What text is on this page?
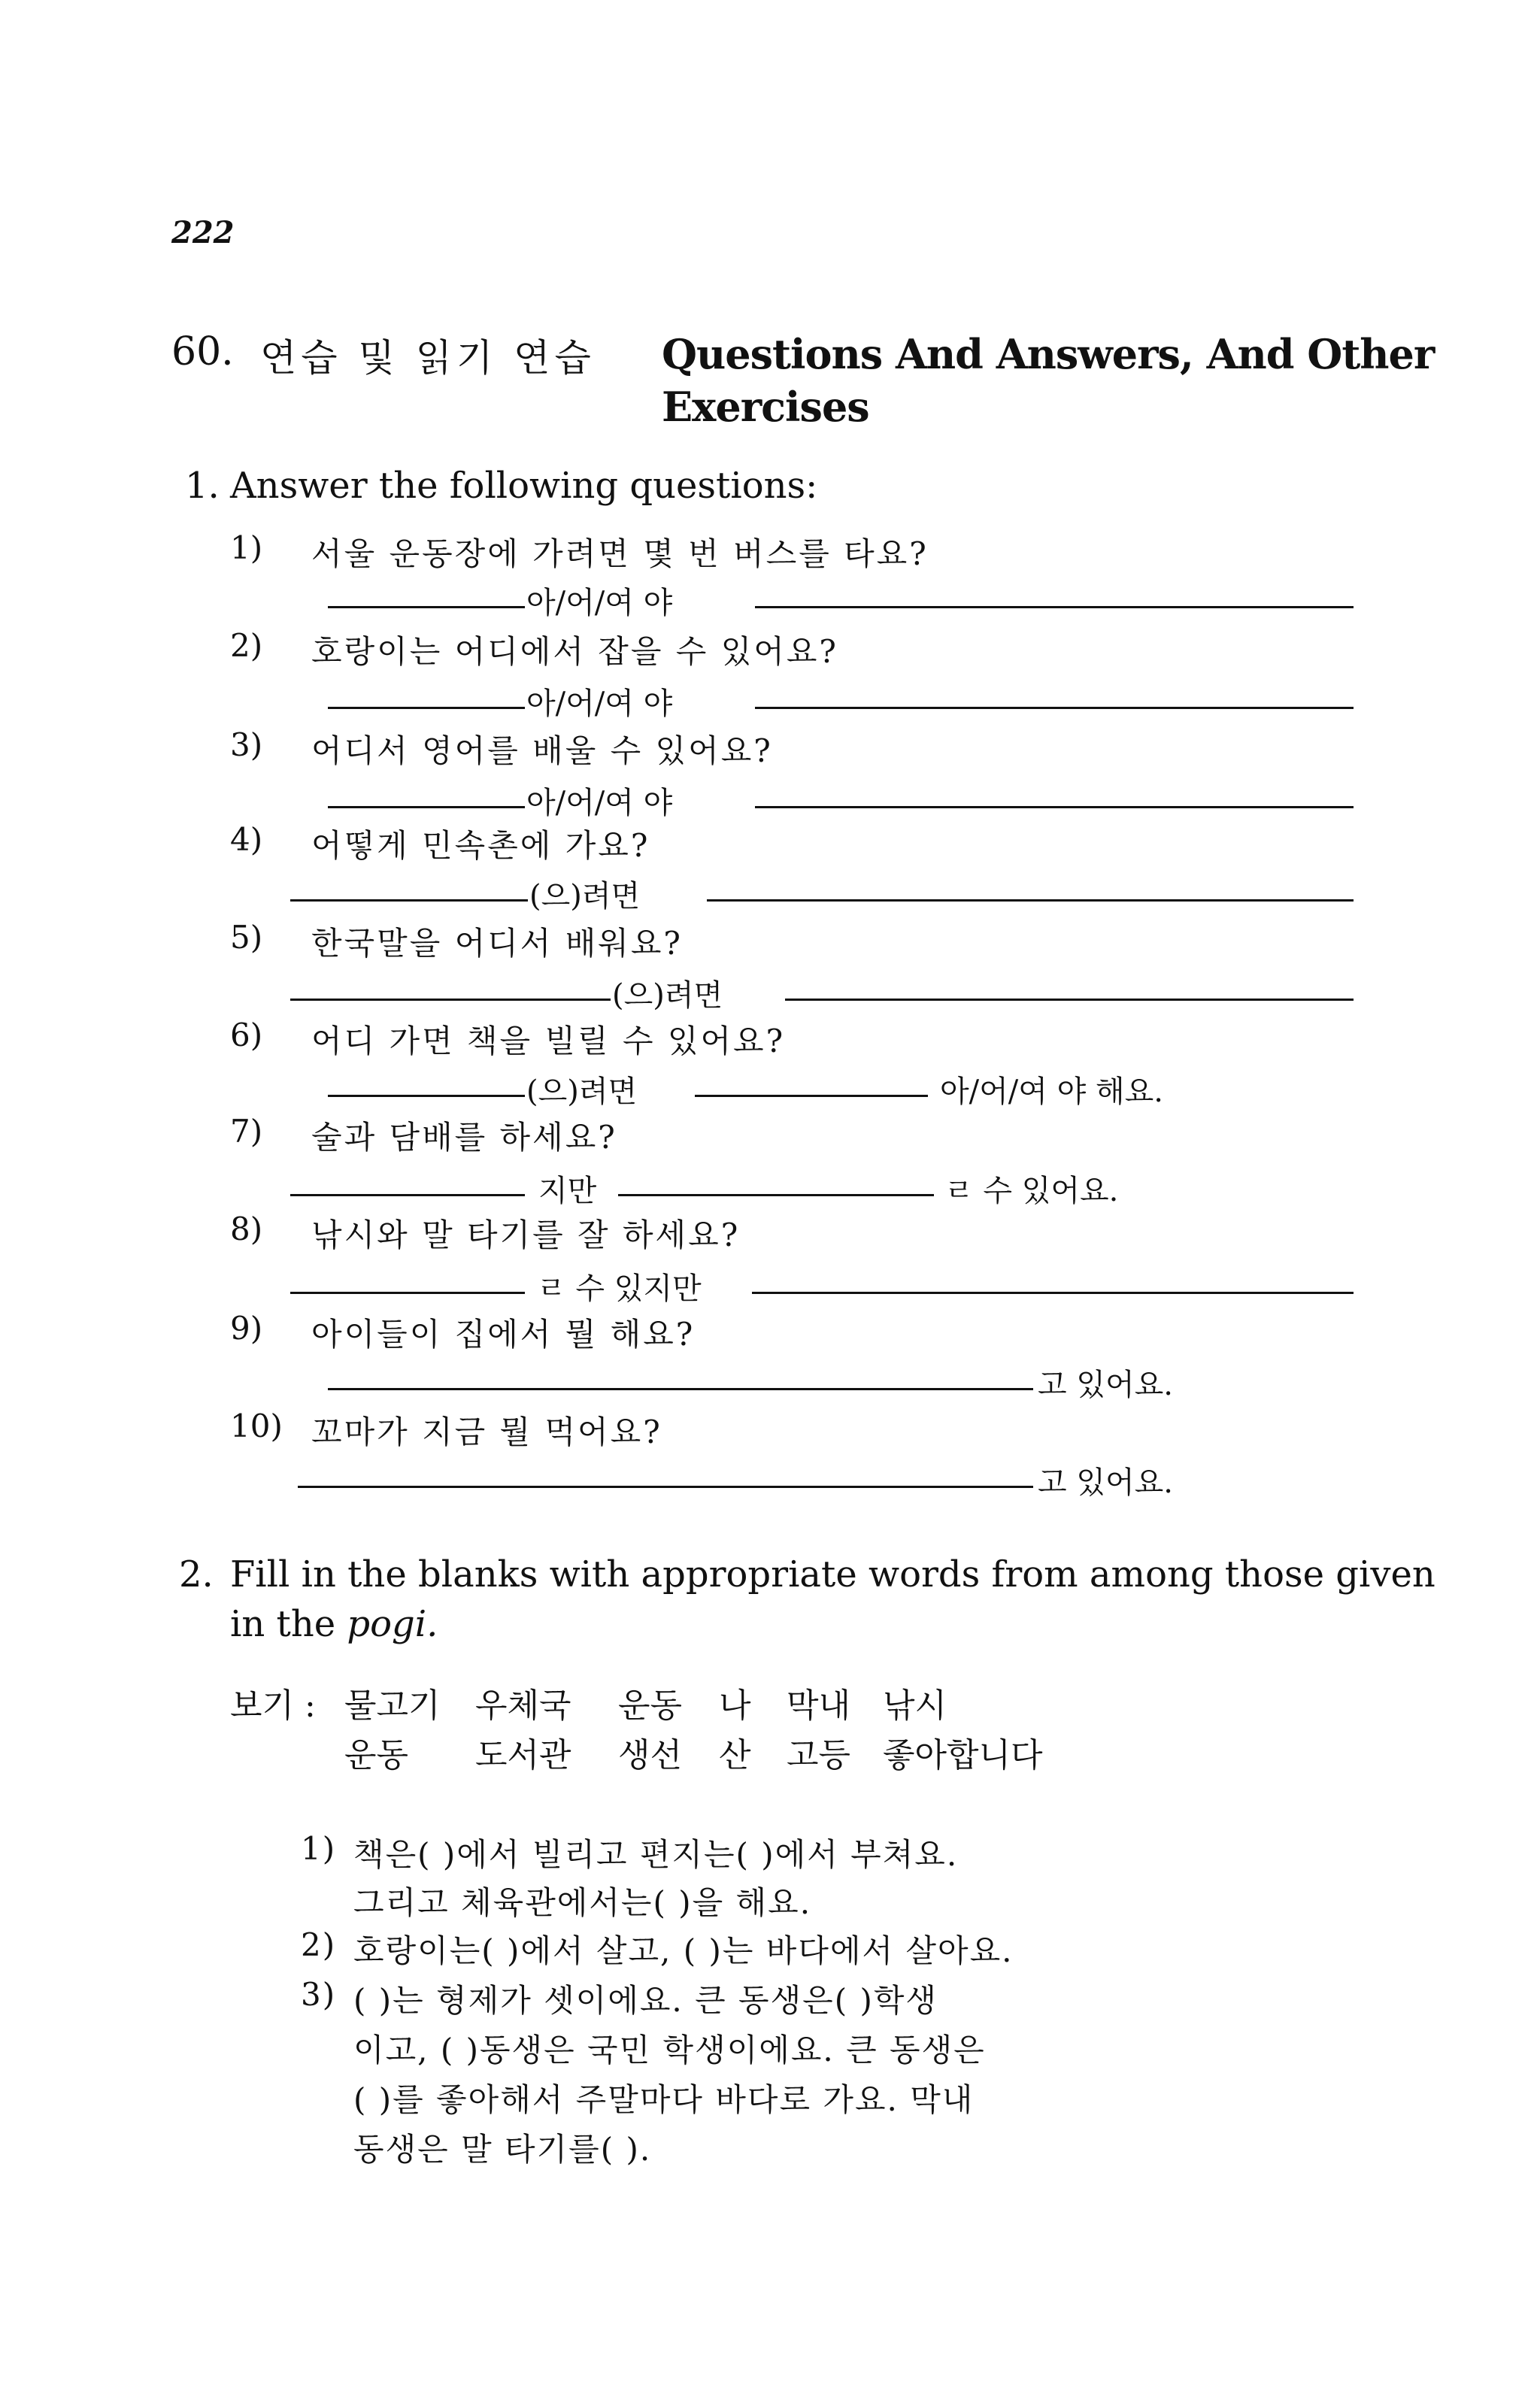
222
60. 연습 및 읽기 연습 Questions And Answers, And Other
Exercises
1. Answer the following questions:
1) 서울 운동장에 가려면 몇 번 버스를 타요?
아/어/여 야
2) 호랑이는 어디에서 잡을 수 있어요?
아/어/여 야
3) 어디서 영어를 배울 수 있어요?
아/어/여 야
4) 어떻게 민속촌에 가요?
(으)려면
5) 한국말을 어디서 배워요?
(으)려면
6) 어디 가면 책을 빌릴 수 있어요?
(으)려면	아/어/여 야 해요.
7) 술과 담배를 하세요?
지만	ㄹ 수 있어요.
8) 낚시와 말 타기를 잘 하세요?
ㄹ 수 있지만
9) 아이들이 집에서 뭘 해요?
고 있어요.
10) 꼬마가 지금 뭘 먹어요?
고 있어요.
2. Fill in the blanks with appropriate words from among those given
in the pogi.
보기 : 물고기 우체국 운동 나 막내 낚시
운동 도서관 생선 산 고등 좋아합니다
1) 책은( )에서 빌리고 편지는( )에서 부쳐요.
그리고 체육관에서는( )을 해요.
2) 호랑이는( )에서 살고, ( )는 바다에서 살아요.
3) ( )는 형제가 셋이에요. 큰 동생은( )학생
이고, ( )동생은 국민 학생이에요. 큰 동생은
( )를 좋아해서 주말마다 바다로 가요. 막내
동생은 말 타기를( ).
